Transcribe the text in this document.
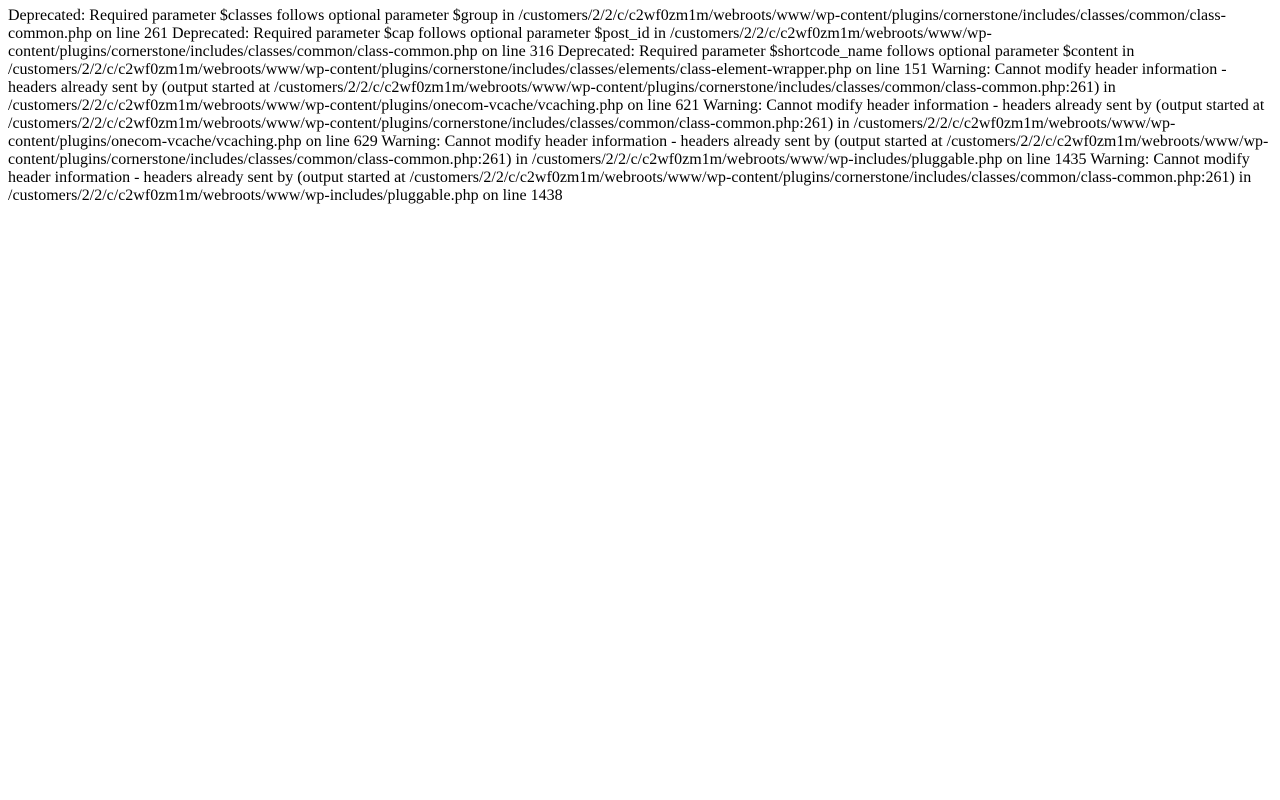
Deprecated: Required parameter $classes follows optional parameter $group in /customers/2/2/c/c2wf0zm1m/webroots/www/wp-content/plugins/cornerstone/includes/classes/common/class-common.php on line 261 Deprecated: Required parameter $cap follows optional parameter $post_id in /customers/2/2/c/c2wf0zm1m/webroots/www/wp-content/plugins/cornerstone/includes/classes/common/class-common.php on line 316 Deprecated: Required parameter $shortcode_name follows optional parameter $content in /customers/2/2/c/c2wf0zm1m/webroots/www/wp-content/plugins/cornerstone/includes/classes/elements/class-element-wrapper.php on line 151 Warning: Cannot modify header information - headers already sent by (output started at /customers/2/2/c/c2wf0zm1m/webroots/www/wp-content/plugins/cornerstone/includes/classes/common/class-common.php:261) in /customers/2/2/c/c2wf0zm1m/webroots/www/wp-content/plugins/onecom-vcache/vcaching.php on line 621 Warning: Cannot modify header information - headers already sent by (output started at /customers/2/2/c/c2wf0zm1m/webroots/www/wp-content/plugins/cornerstone/includes/classes/common/class-common.php:261) in /customers/2/2/c/c2wf0zm1m/webroots/www/wp-content/plugins/onecom-vcache/vcaching.php on line 629 Warning: Cannot modify header information - headers already sent by (output started at /customers/2/2/c/c2wf0zm1m/webroots/www/wp-content/plugins/cornerstone/includes/classes/common/class-common.php:261) in /customers/2/2/c/c2wf0zm1m/webroots/www/wp-includes/pluggable.php on line 1435 Warning: Cannot modify header information - headers already sent by (output started at /customers/2/2/c/c2wf0zm1m/webroots/www/wp-content/plugins/cornerstone/includes/classes/common/class-common.php:261) in /customers/2/2/c/c2wf0zm1m/webroots/www/wp-includes/pluggable.php on line 1438
